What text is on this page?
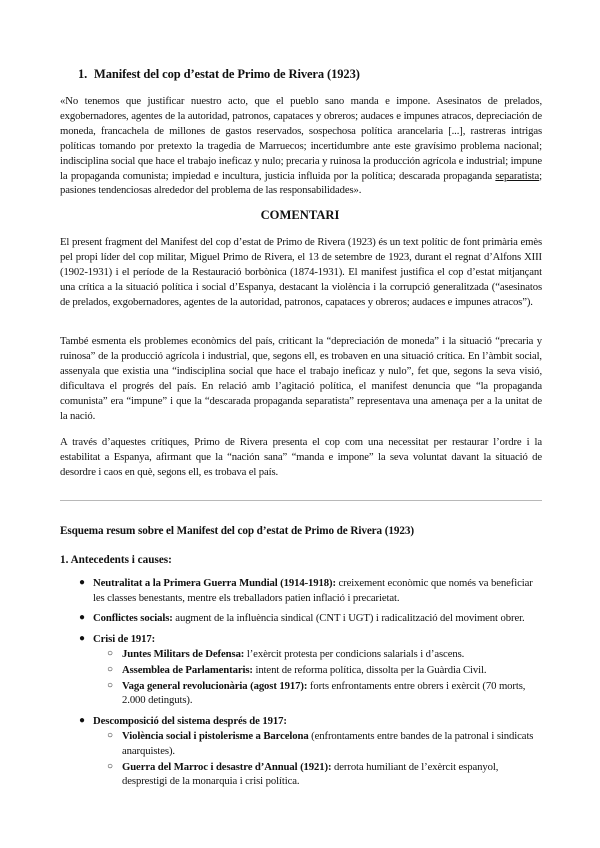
1. Manifest del cop d’estat de Primo de Rivera (1923)

«No tenemos que justificar nuestro acto, que el pueblo sano manda e impone. Asesinatos de prelados, exgobernadores, agentes de la autoridad, patronos, capataces y obreros; audaces e impunes atracos, depreciación de moneda, francachela de millones de gastos reservados, sospechosa política arancelaria [...], rastreras intrigas políticas tomando por pretexto la tragedia de Marruecos; incertidumbre ante este gravísimo problema nacional; indisciplina social que hace el trabajo ineficaz y nulo; precaria y ruinosa la producción agrícola e industrial; impune la propaganda comunista; impiedad e incultura, justicia influida por la política; descarada propaganda separatista; pasiones tendenciosas alrededor del problema de las responsabilidades».

COMENTARI

El present fragment del Manifest del cop d’estat de Primo de Rivera (1923) és un text polític de font primària emès pel propi líder del cop militar, Miguel Primo de Rivera, el 13 de setembre de 1923, durant el regnat d’Alfons XIII (1902-1931) i el període de la Restauració borbònica (1874-1931). El manifest justifica el cop d’estat mitjançant una crítica a la situació política i social d’Espanya, destacant la violència i la corrupció generalitzada (“asesinatos de prelados, exgobernadores, agentes de la autoridad, patronos, capataces y obreros; audaces e impunes atracos”).

També esmenta els problemes econòmics del país, criticant la “depreciación de moneda” i la situació “precaria y ruinosa” de la producció agrícola i industrial, que, segons ell, es trobaven en una situació crítica. En l’àmbit social, assenyala que existia una “indisciplina social que hace el trabajo ineficaz y nulo”, fet que, segons la seva visió, dificultava el progrés del país. En relació amb l’agitació política, el manifest denuncia que “la propaganda comunista” era “impune” i que la “descarada propaganda separatista” representava una amenaça per a la unitat de la nació.

A través d’aquestes crítiques, Primo de Rivera presenta el cop com una necessitat per restaurar l’ordre i la estabilitat a Espanya, afirmant que la “nación sana” “manda e impone” la seva voluntat davant la situació de desordre i caos en què, segons ell, es trobava el país.

Esquema resum sobre el Manifest del cop d’estat de Primo de Rivera (1923)
1. Antecedents i causes:
● Neutralitat a la Primera Guerra Mundial (1914-1918): creixement econòmic que només va beneficiar les classes benestants, mentre els treballadors patien inflació i precarietat.
● Conflictes socials: augment de la influència sindical (CNT i UGT) i radicalització del moviment obrer.
● Crisi de 1917:
○ Juntes Militars de Defensa: l’exèrcit protesta per condicions salarials i d’ascens.
○ Assemblea de Parlamentaris: intent de reforma política, dissolta per la Guàrdia Civil.
○ Vaga general revolucionària (agost 1917): forts enfrontaments entre obrers i exèrcit (70 morts, 2.000 detinguts).
● Descomposició del sistema després de 1917:
○ Violència social i pistolerisme a Barcelona (enfrontaments entre bandes de la patronal i sindicats anarquistes).
○ Guerra del Marroc i desastre d’Annual (1921): derrota humiliant de l’exèrcit espanyol, desprestigi de la monarquia i crisi política.
